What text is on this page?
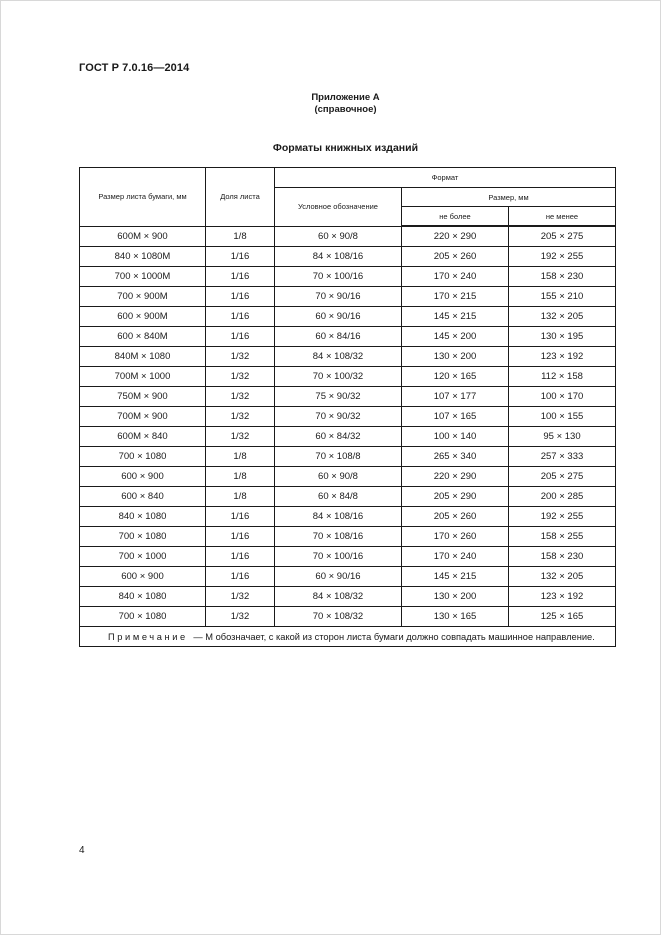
ГОСТ Р 7.0.16—2014
Приложение А
(справочное)
Форматы книжных изданий
Размер листа бумаги, мм	Доля листа	Формат		
		Условное обозначение	Размер, мм	
			не более	не менее
600М × 900	1/8	60 × 90/8	220 × 290	205 × 275
840 × 1080М	1/16	84 × 108/16	205 × 260	192 × 255
700 × 1000М	1/16	70 × 100/16	170 × 240	158 × 230
700 × 900М	1/16	70 × 90/16	170 × 215	155 × 210
600 × 900М	1/16	60 × 90/16	145 × 215	132 × 205
600 × 840М	1/16	60 × 84/16	145 × 200	130 × 195
840М × 1080	1/32	84 × 108/32	130 × 200	123 × 192
700М × 1000	1/32	70 × 100/32	120 × 165	112 × 158
750М × 900	1/32	75 × 90/32	107 × 177	100 × 170
700М × 900	1/32	70 × 90/32	107 × 165	100 × 155
600М × 840	1/32	60 × 84/32	100 × 140	95 × 130
700 × 1080	1/8	70 × 108/8	265 × 340	257 × 333
600 × 900	1/8	60 × 90/8	220 × 290	205 × 275
600 × 840	1/8	60 × 84/8	205 × 290	200 × 285
840 × 1080	1/16	84 × 108/16	205 × 260	192 × 255
700 × 1080	1/16	70 × 108/16	170 × 260	158 × 255
700 × 1000	1/16	70 × 100/16	170 × 240	158 × 230
600 × 900	1/16	60 × 90/16	145 × 215	132 × 205
840 × 1080	1/32	84 × 108/32	130 × 200	123 × 192
700 × 1080	1/32	70 × 108/32	130 × 165	125 × 165
Примечание — М обозначает, с какой из сторон листа бумаги должно совпадать машинное направление.				
4
